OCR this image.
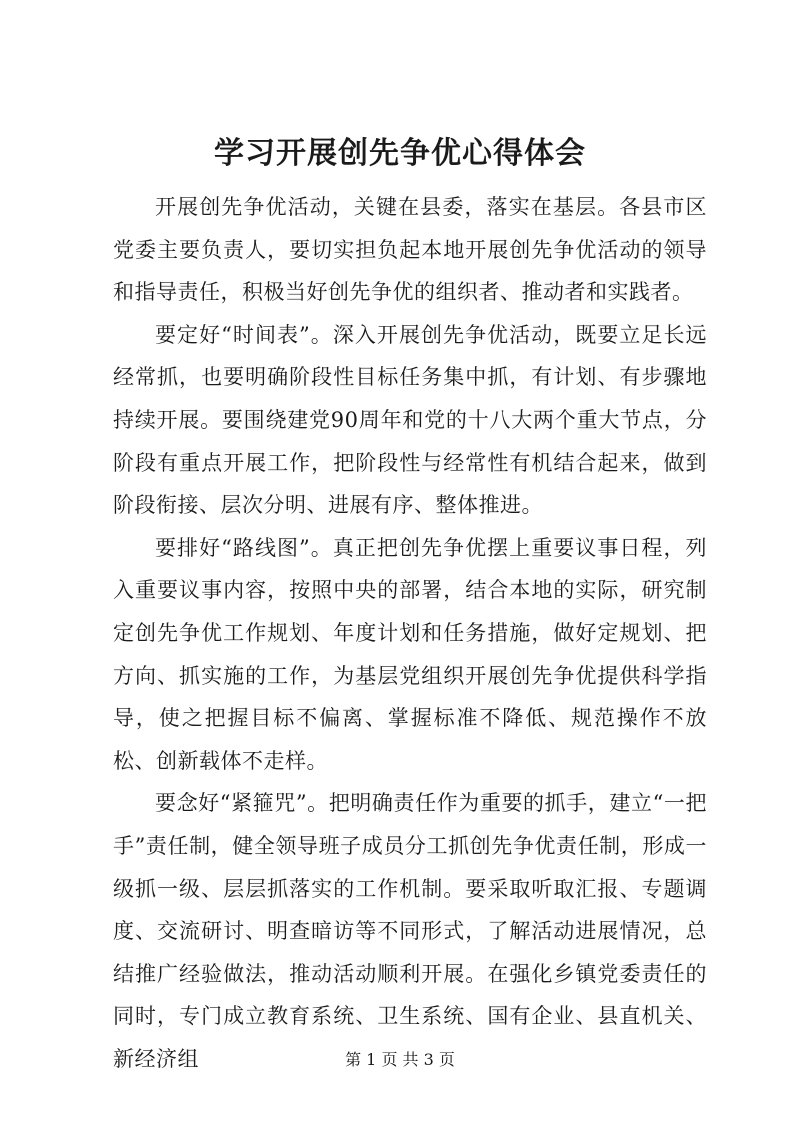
学习开展创先争优心得体会

开展创先争优活动，关键在县委，落实在基层。各县市区党委主要负责人，要切实担负起本地开展创先争优活动的领导和指导责任，积极当好创先争优的组织者、推动者和实践者。

要定好“时间表”。深入开展创先争优活动，既要立足长远经常抓，也要明确阶段性目标任务集中抓，有计划、有步骤地持续开展。要围绕建党90周年和党的十八大两个重大节点，分阶段有重点开展工作，把阶段性与经常性有机结合起来，做到阶段衔接、层次分明、进展有序、整体推进。

要排好“路线图”。真正把创先争优摆上重要议事日程，列入重要议事内容，按照中央的部署，结合本地的实际，研究制定创先争优工作规划、年度计划和任务措施，做好定规划、把方向、抓实施的工作，为基层党组织开展创先争优提供科学指导，使之把握目标不偏离、掌握标准不降低、规范操作不放松、创新载体不走样。

要念好“紧箍咒”。把明确责任作为重要的抓手，建立“一把手”责任制，健全领导班子成员分工抓创先争优责任制，形成一级抓一级、层层抓落实的工作机制。要采取听取汇报、专题调度、交流研讨、明查暗访等不同形式，了解活动进展情况，总结推广经验做法，推动活动顺利开展。在强化乡镇党委责任的同时，专门成立教育系统、卫生系统、国有企业、县直机关、新经济组	第 1 页 共 3 页
